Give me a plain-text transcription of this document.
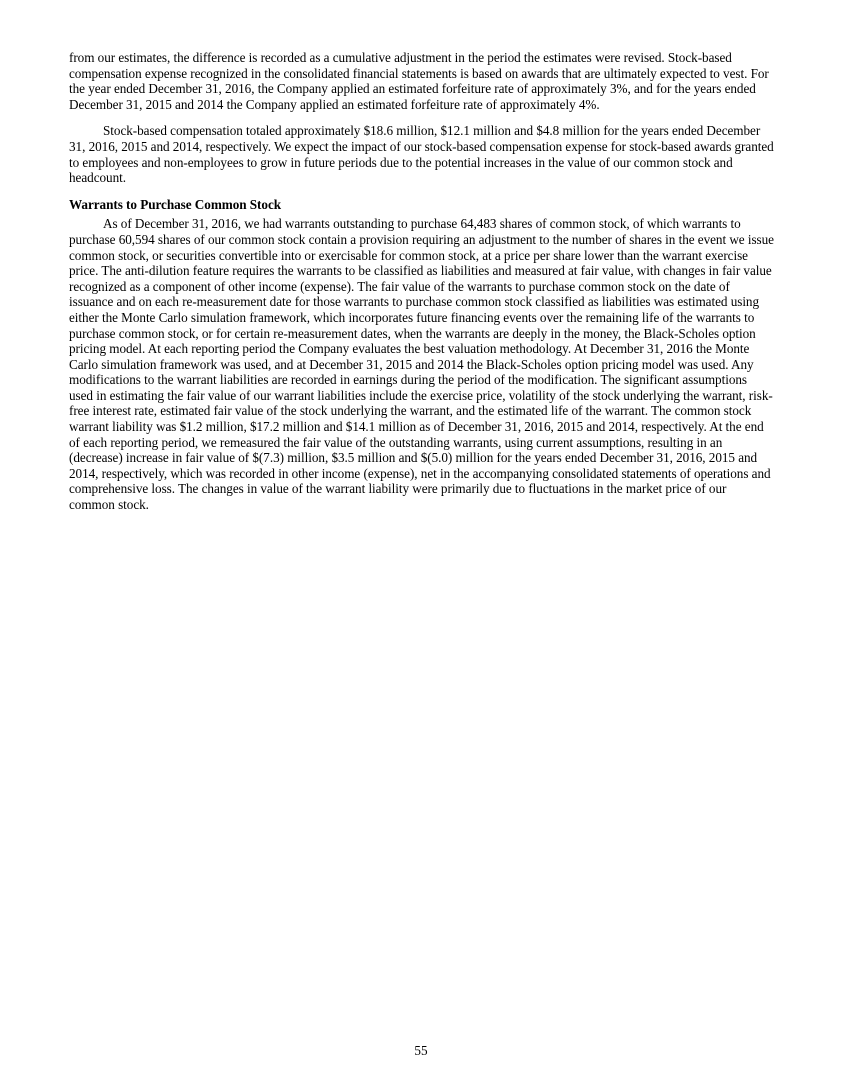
from our estimates, the difference is recorded as a cumulative adjustment in the period the estimates were revised. Stock-based compensation expense recognized in the consolidated financial statements is based on awards that are ultimately expected to vest. For the year ended December 31, 2016, the Company applied an estimated forfeiture rate of approximately 3%, and for the years ended December 31, 2015 and 2014 the Company applied an estimated forfeiture rate of approximately 4%.

Stock-based compensation totaled approximately $18.6 million, $12.1 million and $4.8 million for the years ended December 31, 2016, 2015 and 2014, respectively. We expect the impact of our stock-based compensation expense for stock-based awards granted to employees and non-employees to grow in future periods due to the potential increases in the value of our common stock and headcount.

Warrants to Purchase Common Stock

As of December 31, 2016, we had warrants outstanding to purchase 64,483 shares of common stock, of which warrants to purchase 60,594 shares of our common stock contain a provision requiring an adjustment to the number of shares in the event we issue common stock, or securities convertible into or exercisable for common stock, at a price per share lower than the warrant exercise price. The anti-dilution feature requires the warrants to be classified as liabilities and measured at fair value, with changes in fair value recognized as a component of other income (expense). The fair value of the warrants to purchase common stock on the date of issuance and on each re-measurement date for those warrants to purchase common stock classified as liabilities was estimated using either the Monte Carlo simulation framework, which incorporates future financing events over the remaining life of the warrants to purchase common stock, or for certain re-measurement dates, when the warrants are deeply in the money, the Black-Scholes option pricing model. At each reporting period the Company evaluates the best valuation methodology. At December 31, 2016 the Monte Carlo simulation framework was used, and at December 31, 2015 and 2014 the Black-Scholes option pricing model was used. Any modifications to the warrant liabilities are recorded in earnings during the period of the modification. The significant assumptions used in estimating the fair value of our warrant liabilities include the exercise price, volatility of the stock underlying the warrant, risk-free interest rate, estimated fair value of the stock underlying the warrant, and the estimated life of the warrant. The common stock warrant liability was $1.2 million, $17.2 million and $14.1 million as of December 31, 2016, 2015 and 2014, respectively. At the end of each reporting period, we remeasured the fair value of the outstanding warrants, using current assumptions, resulting in an (decrease) increase in fair value of $(7.3) million, $3.5 million and $(5.0) million for the years ended December 31, 2016, 2015 and 2014, respectively, which was recorded in other income (expense), net in the accompanying consolidated statements of operations and comprehensive loss. The changes in value of the warrant liability were primarily due to fluctuations in the market price of our common stock.

55
